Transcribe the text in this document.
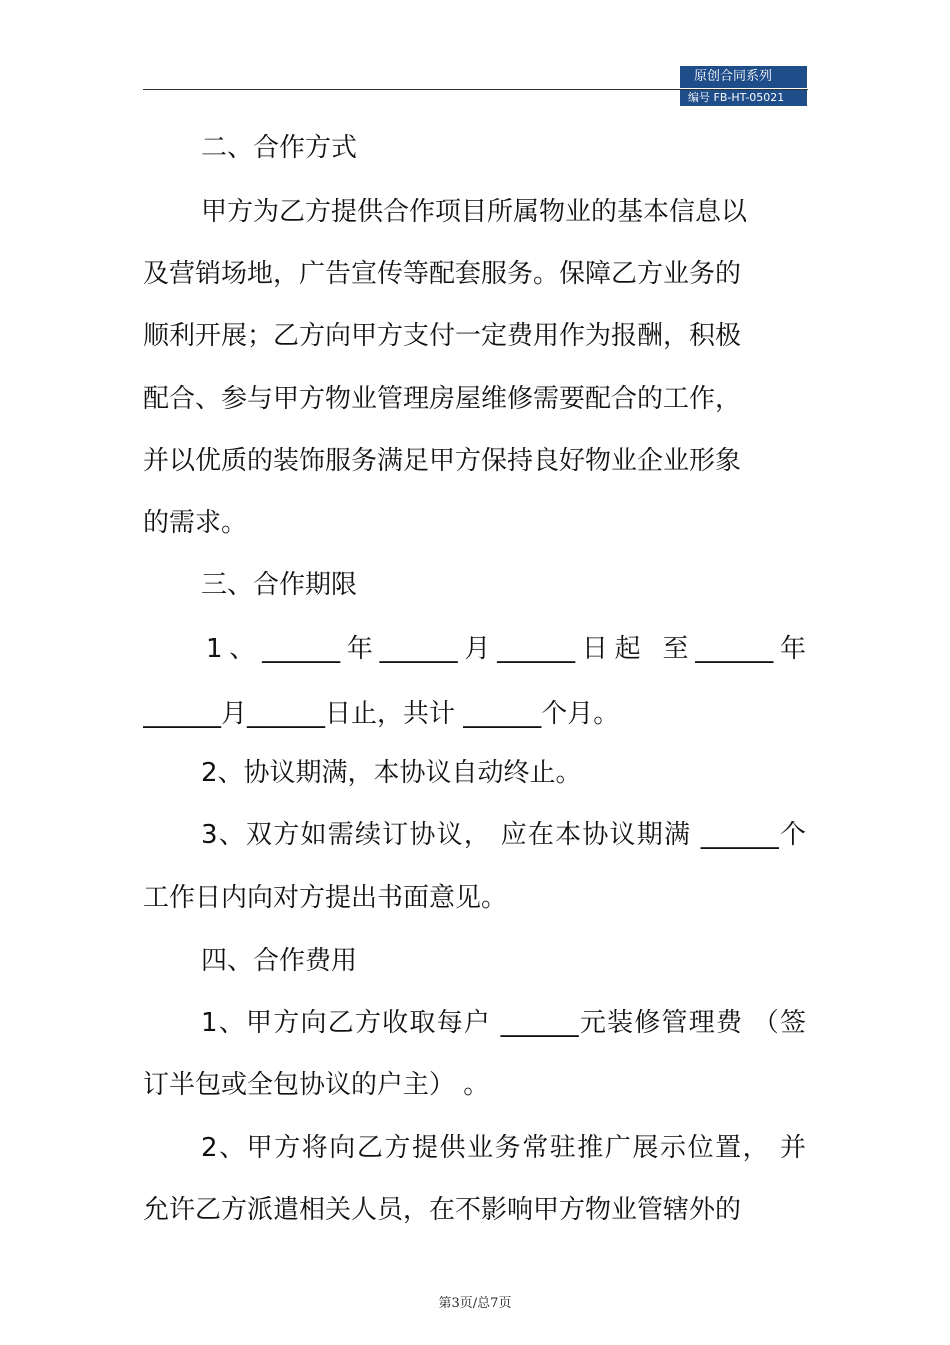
原创合同系列
编号 FB-HT-05021
二、合作方式
甲方为乙方提供合作项目所属物业的基本信息以
及营销场地，广告宣传等配套服务。保障乙方业务的
顺利开展；乙方向甲方支付一定费用作为报酬，积极
配合、参与甲方物业管理房屋维修需要配合的工作，
并以优质的装饰服务满足甲方保持良好物业企业形象
的需求。
三、合作期限
1、______年______月______日起 至______年
______月______日止，共计 ______个月。
2、协议期满，本协议自动终止。
3、双方如需续订协议， 应在本协议期满 ______个
工作日内向对方提出书面意见。
四、合作费用
1、甲方向乙方收取每户 ______元装修管理费 （签
订半包或全包协议的户主） 。
2、甲方将向乙方提供业务常驻推广展示位置， 并
允许乙方派遣相关人员，在不影响甲方物业管辖外的
第3页/总7页
